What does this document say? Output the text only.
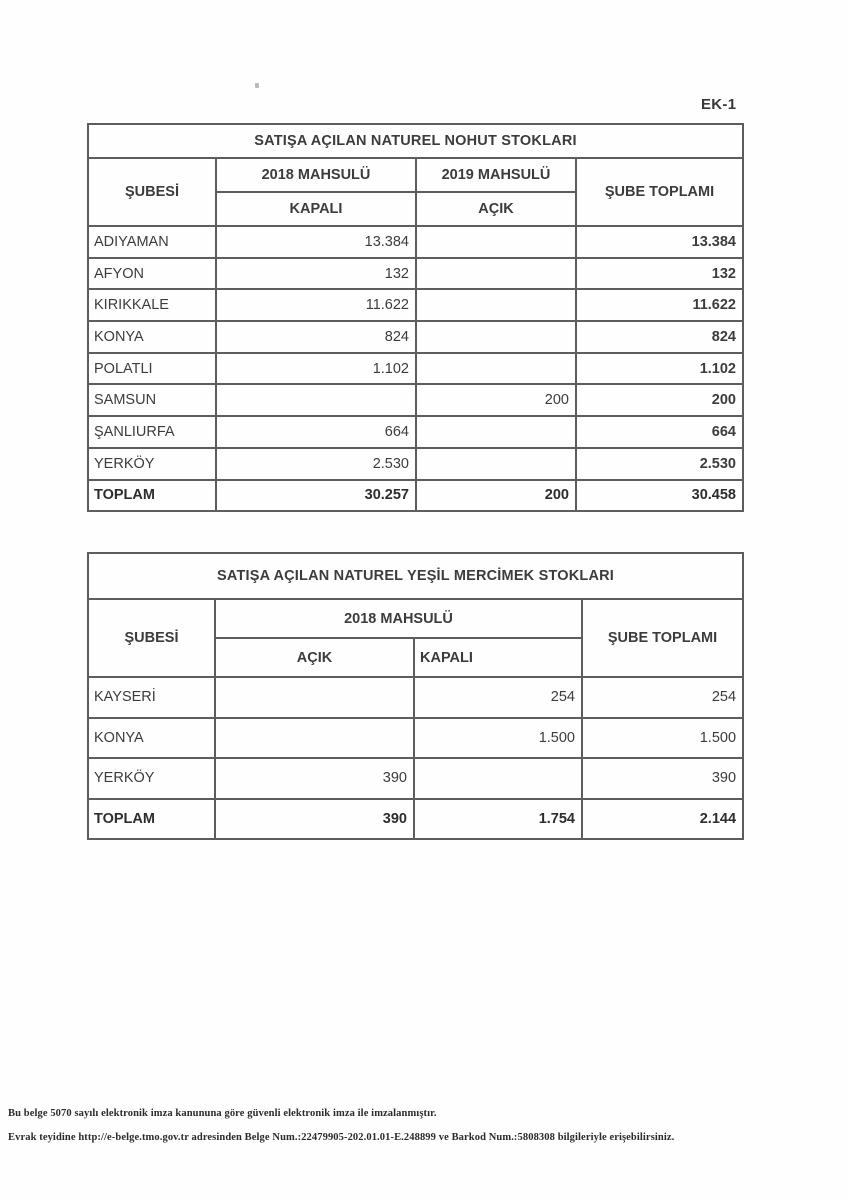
EK-1
SATIŞA AÇILAN NATUREL NOHUT STOKLARI			
ŞUBESİ	2018 MAHSULÜ	2019 MAHSULÜ	ŞUBE TOPLAMI
	KAPALI	AÇIK	
ADIYAMAN	13.384		13.384
AFYON	132		132
KIRIKKALE	11.622		11.622
KONYA	824		824
POLATLI	1.102		1.102
SAMSUN		200	200
ŞANLIURFA	664		664
YERKÖY	2.530		2.530
TOPLAM	30.257	200	30.458
SATIŞA AÇILAN NATUREL YEŞİL MERCİMEK STOKLARI			
ŞUBESİ	2018 MAHSULÜ		ŞUBE TOPLAMI
	AÇIK	KAPALI	
KAYSERİ		254	254
KONYA		1.500	1.500
YERKÖY	390		390
TOPLAM	390	1.754	2.144
Bu belge 5070 sayılı elektronik imza kanununa göre güvenli elektronik imza ile imzalanmıştır.
Evrak teyidine http://e-belge.tmo.gov.tr adresinden Belge Num.:22479905-202.01.01-E.248899 ve Barkod Num.:5808308 bilgileriyle erişebilirsiniz.
